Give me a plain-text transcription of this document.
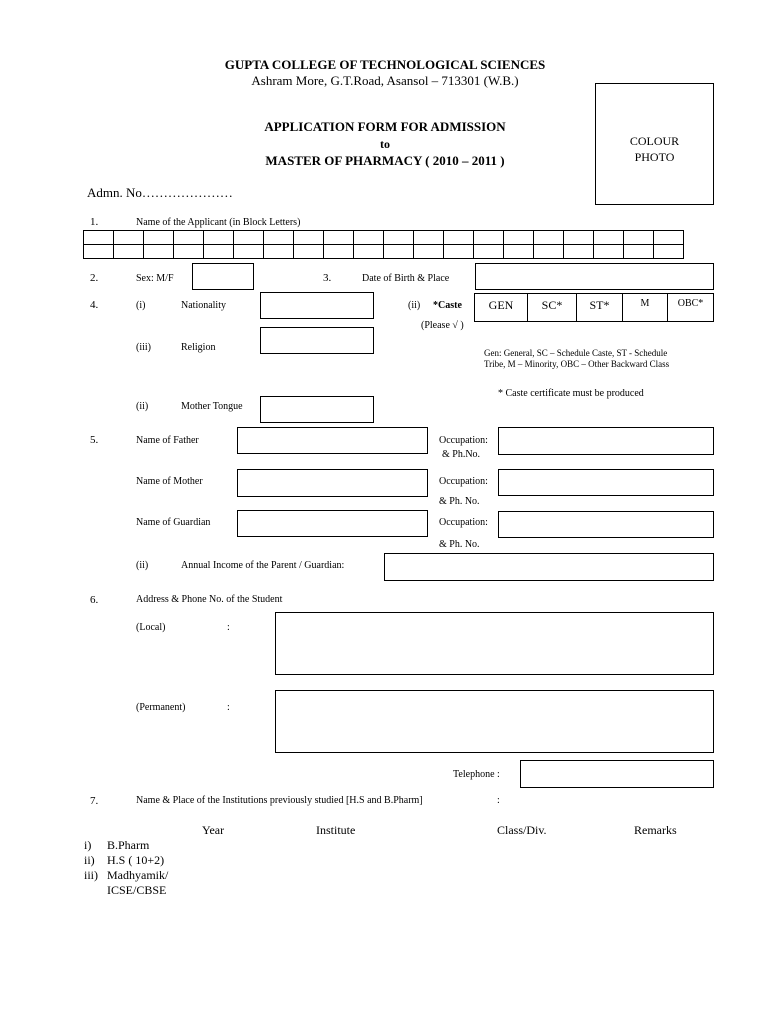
GUPTA COLLEGE OF TECHNOLOGICAL SCIENCES
Ashram More, G.T.Road, Asansol – 713301 (W.B.)
APPLICATION FORM FOR ADMISSION
to
MASTER OF PHARMACY ( 2010 – 2011 )
COLOUR
PHOTO
Admn. No…………………
1.	Name of the Applicant (in Block Letters)

2.	Sex: M/F	3.	Date of Birth & Place
4.	(i)	Nationality	(ii) *Caste
(Please √ )
GEN	SC*	ST*	M	OBC*
(iii)	Religion	Gen: General, SC – Schedule Caste, ST - Schedule
Tribe, M – Minority, OBC – Other Backward Class
* Caste certificate must be produced
(ii)	Mother Tongue
5.	Name of Father	Occupation:
& Ph.No.
Name of Mother	Occupation:
& Ph. No.
Name of Guardian	Occupation:
& Ph. No.
(ii)	Annual Income of the Parent / Guardian:
6.	Address & Phone No. of the Student
(Local)	:
(Permanent)	:
Telephone :
7.	Name & Place of the Institutions previously studied [H.S and B.Pharm]	:
Year	Institute	Class/Div.	Remarks
i) B.Pharm
ii) H.S ( 10+2)
iii) Madhyamik/
ICSE/CBSE
